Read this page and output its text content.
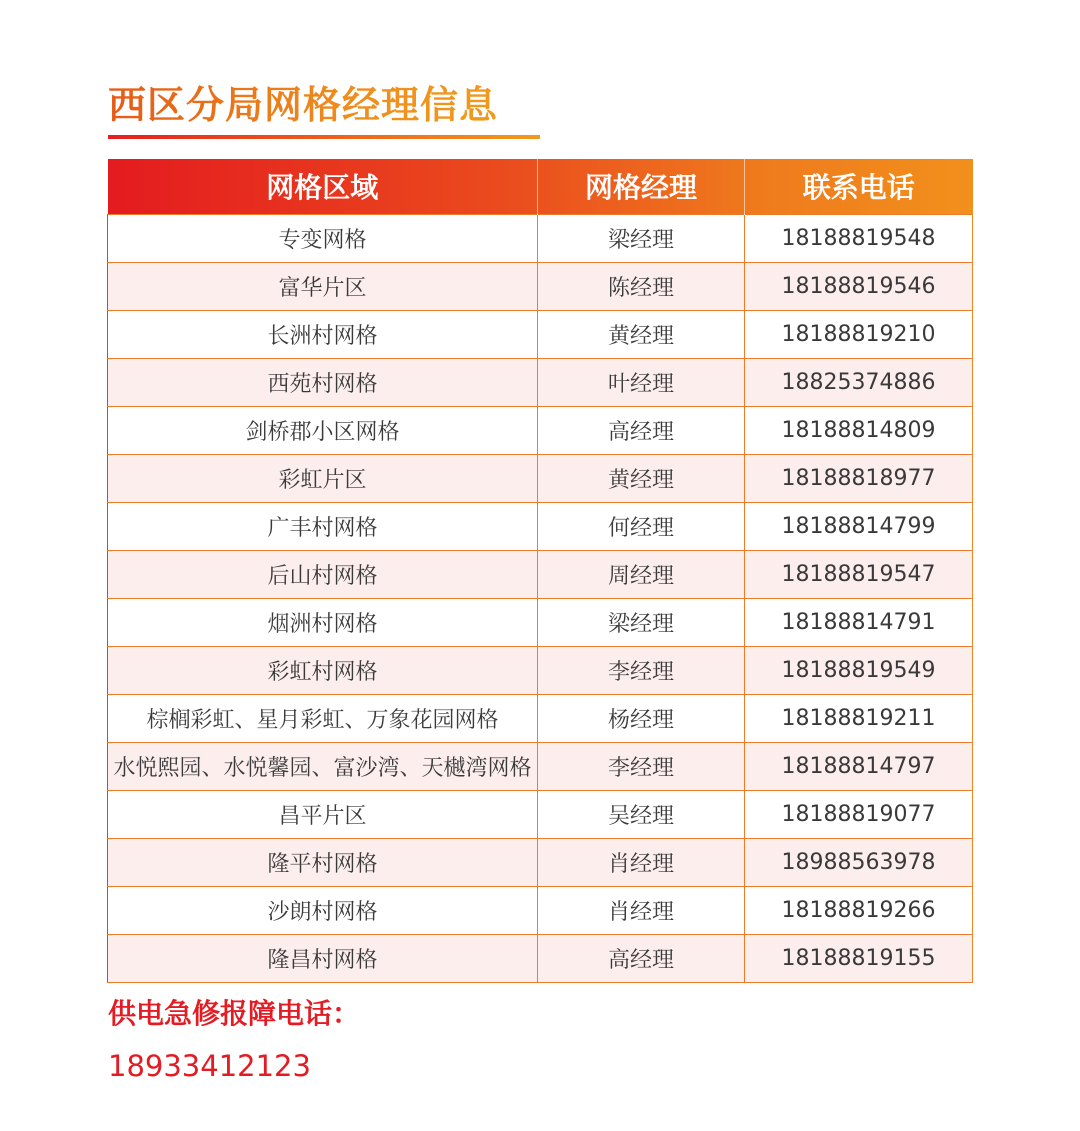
西区分局网格经理信息
网格区域	网格经理	联系电话
专变网格	梁经理	18188819548
富华片区	陈经理	18188819546
长洲村网格	黄经理	18188819210
西苑村网格	叶经理	18825374886
剑桥郡小区网格	高经理	18188814809
彩虹片区	黄经理	18188818977
广丰村网格	何经理	18188814799
后山村网格	周经理	18188819547
烟洲村网格	梁经理	18188814791
彩虹村网格	李经理	18188819549
棕榈彩虹、星月彩虹、万象花园网格	杨经理	18188819211
水悦熙园、水悦馨园、富沙湾、天樾湾网格	李经理	18188814797
昌平片区	吴经理	18188819077
隆平村网格	肖经理	18988563978
沙朗村网格	肖经理	18188819266
隆昌村网格	高经理	18188819155
供电急修报障电话：
18933412123
